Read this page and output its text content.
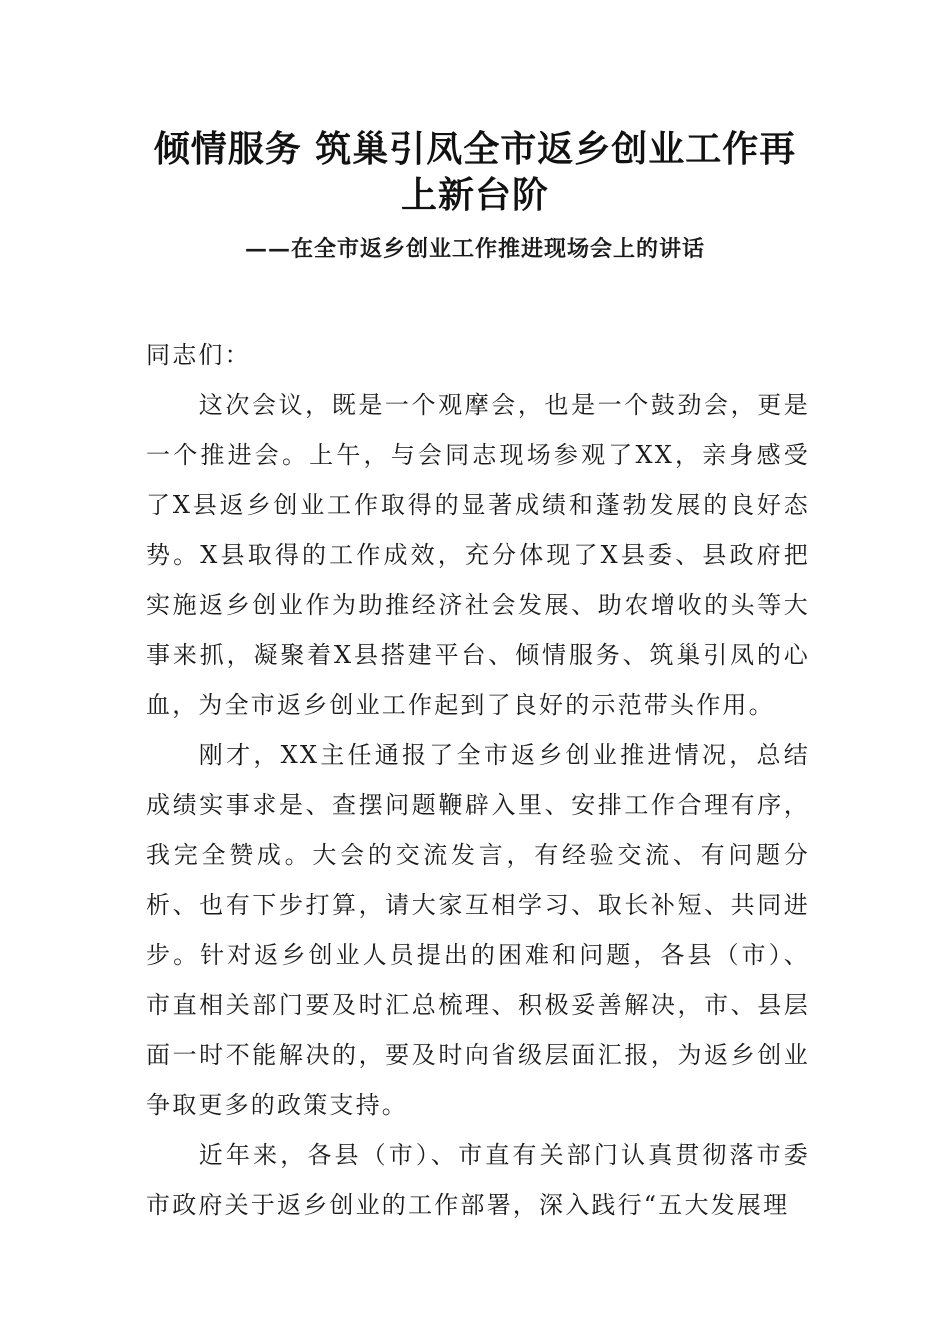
倾情服务 筑巢引凤全市返乡创业工作再上新台阶
——在全市返乡创业工作推进现场会上的讲话

同志们：

这次会议，既是一个观摩会，也是一个鼓劲会，更是一个推进会。上午，与会同志现场参观了XX，亲身感受了X县返乡创业工作取得的显著成绩和蓬勃发展的良好态势。X县取得的工作成效，充分体现了X县委、县政府把实施返乡创业作为助推经济社会发展、助农增收的头等大事来抓，凝聚着X县搭建平台、倾情服务、筑巢引凤的心血，为全市返乡创业工作起到了良好的示范带头作用。

刚才，XX主任通报了全市返乡创业推进情况，总结成绩实事求是、查摆问题鞭辟入里、安排工作合理有序，我完全赞成。大会的交流发言，有经验交流、有问题分析、也有下步打算，请大家互相学习、取长补短、共同进步。针对返乡创业人员提出的困难和问题，各县（市）、市直相关部门要及时汇总梳理、积极妥善解决，市、县层面一时不能解决的，要及时向省级层面汇报，为返乡创业争取更多的政策支持。

近年来，各县（市）、市直有关部门认真贯彻落市委市政府关于返乡创业的工作部署，深入践行“五大发展理
